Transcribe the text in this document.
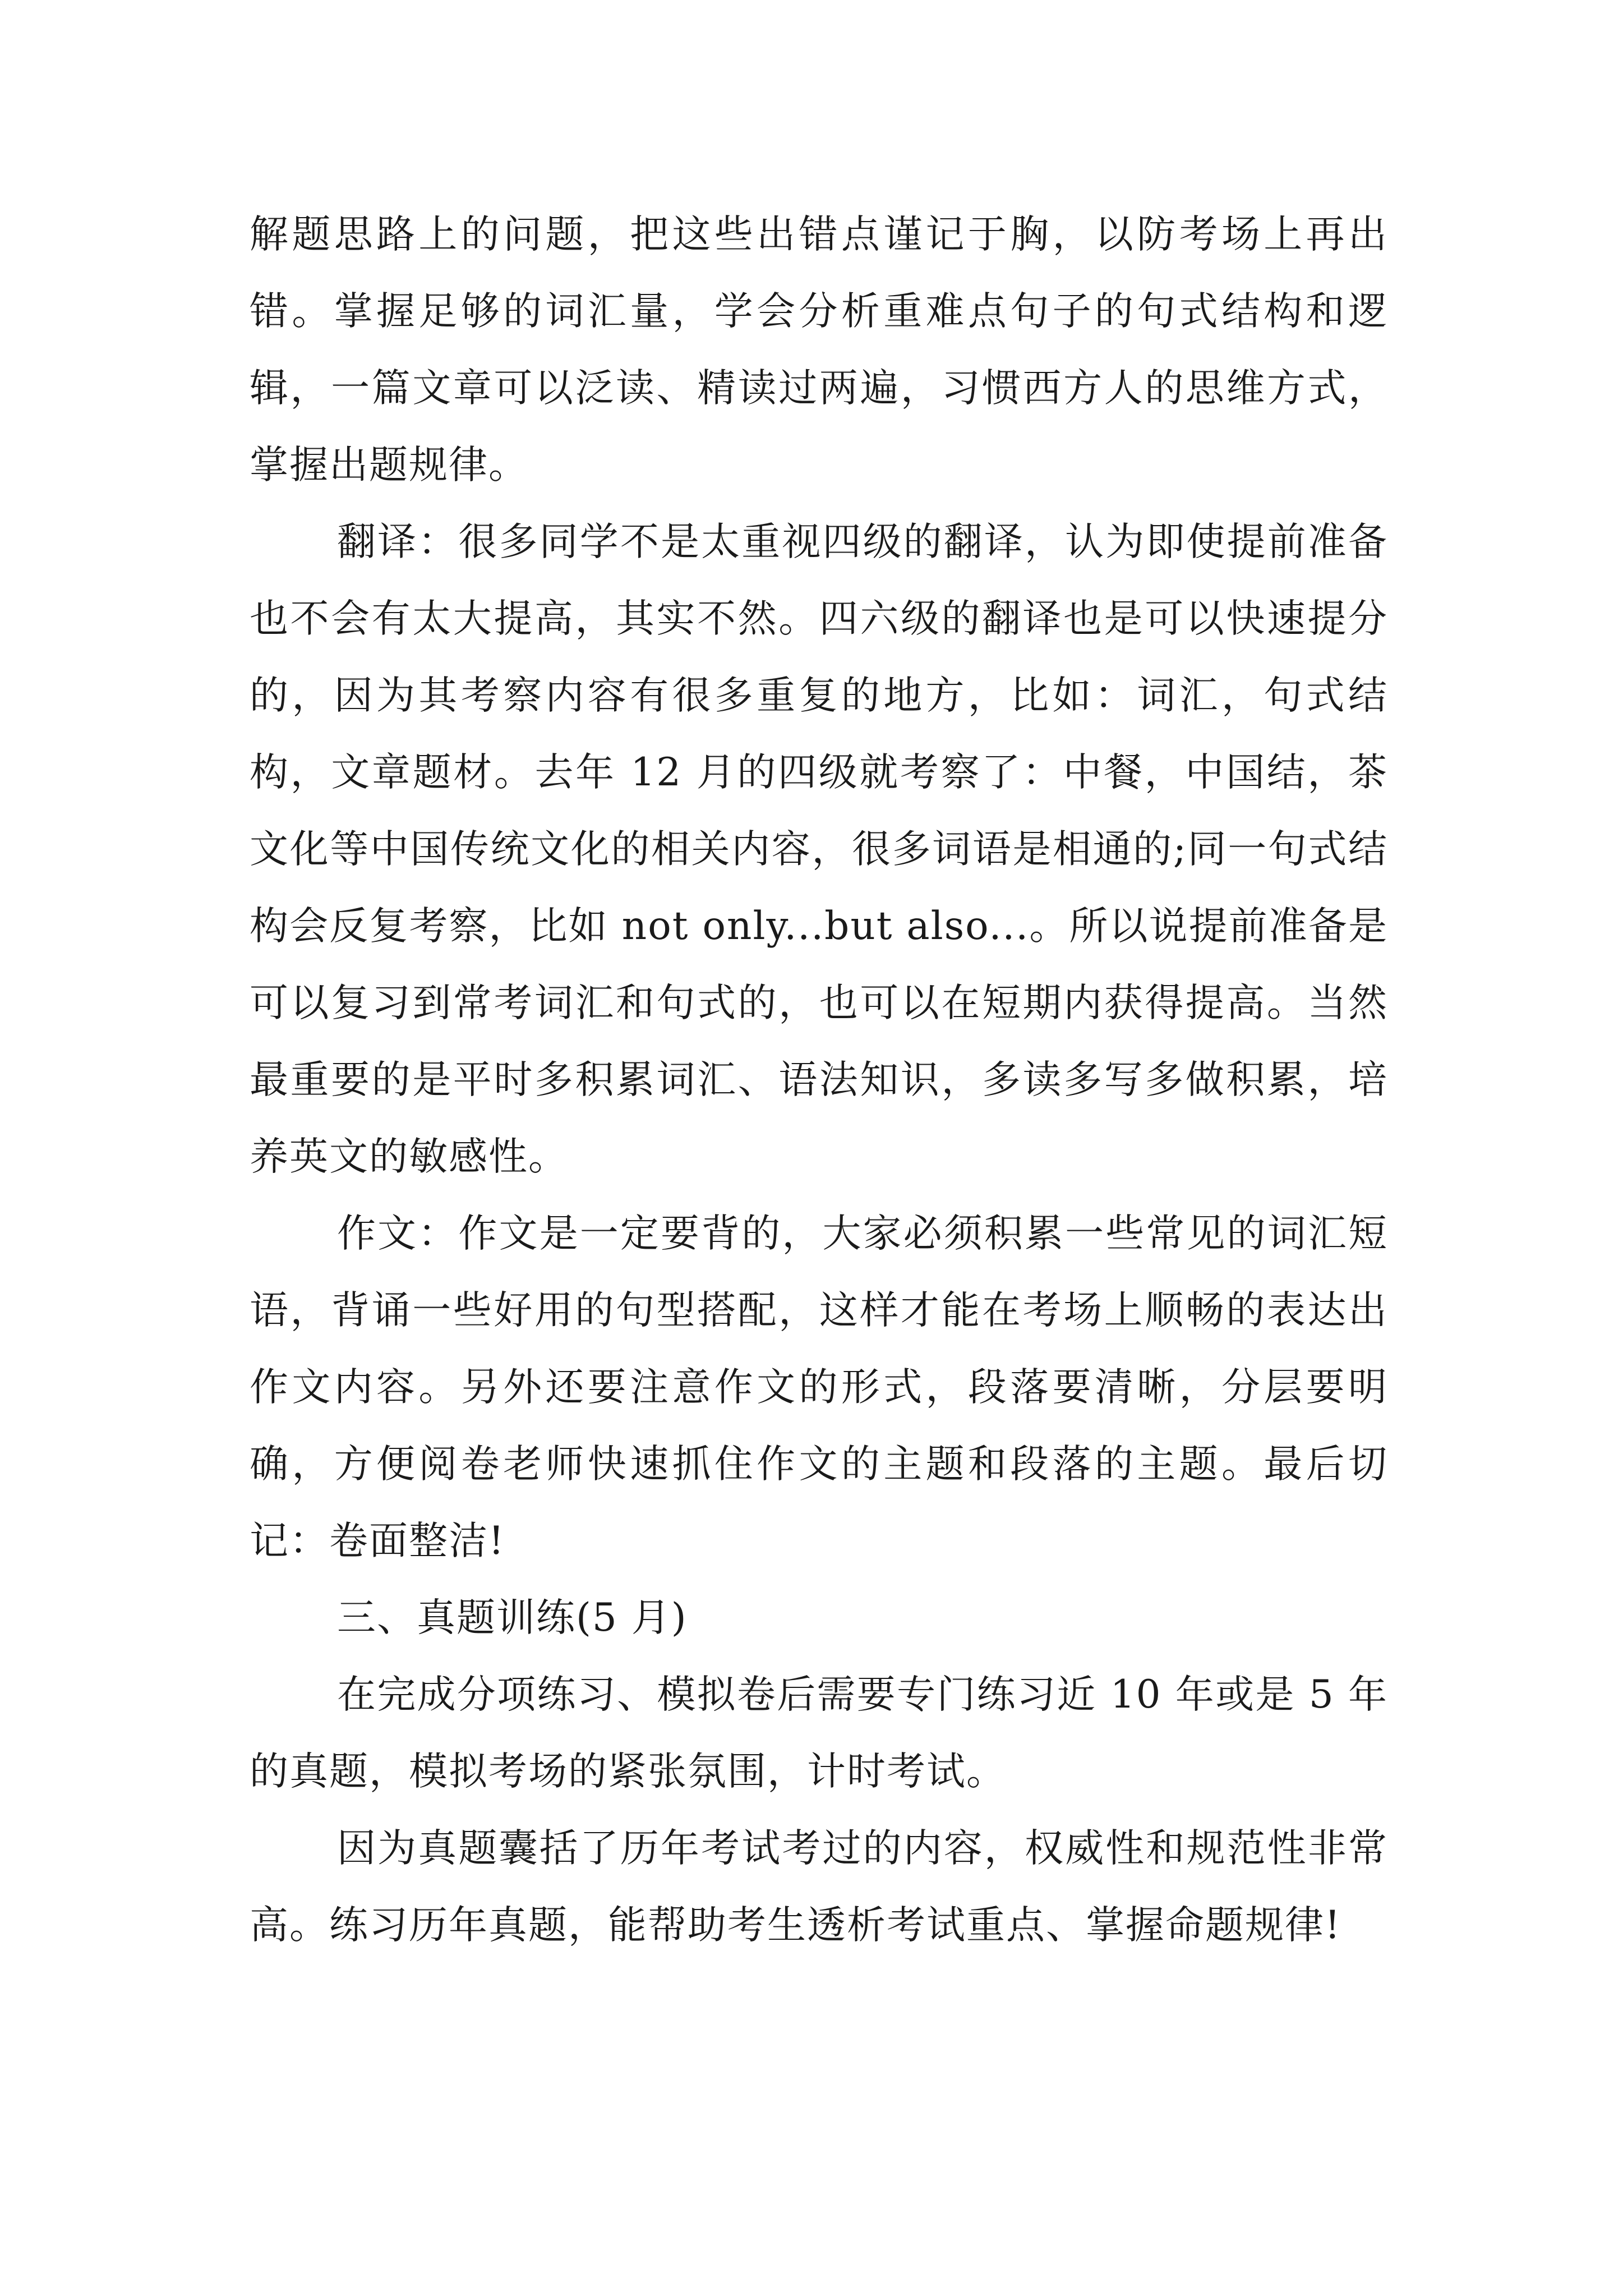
解题思路上的问题，把这些出错点谨记于胸，以防考场上再出错。掌握足够的词汇量，学会分析重难点句子的句式结构和逻辑，一篇文章可以泛读、精读过两遍，习惯西方人的思维方式，掌握出题规律。

翻译：很多同学不是太重视四级的翻译，认为即使提前准备也不会有太大提高，其实不然。四六级的翻译也是可以快速提分的，因为其考察内容有很多重复的地方，比如：词汇，句式结构，文章题材。去年 12 月的四级就考察了：中餐，中国结，茶文化等中国传统文化的相关内容，很多词语是相通的;同一句式结构会反复考察，比如 not only...but also...。所以说提前准备是可以复习到常考词汇和句式的，也可以在短期内获得提高。当然最重要的是平时多积累词汇、语法知识，多读多写多做积累，培养英文的敏感性。

作文：作文是一定要背的，大家必须积累一些常见的词汇短语，背诵一些好用的句型搭配，这样才能在考场上顺畅的表达出作文内容。另外还要注意作文的形式，段落要清晰，分层要明确，方便阅卷老师快速抓住作文的主题和段落的主题。最后切记：卷面整洁!

三、真题训练(5 月)

在完成分项练习、模拟卷后需要专门练习近 10 年或是 5 年的真题，模拟考场的紧张氛围，计时考试。

因为真题囊括了历年考试考过的内容，权威性和规范性非常高。练习历年真题，能帮助考生透析考试重点、掌握命题规律!
